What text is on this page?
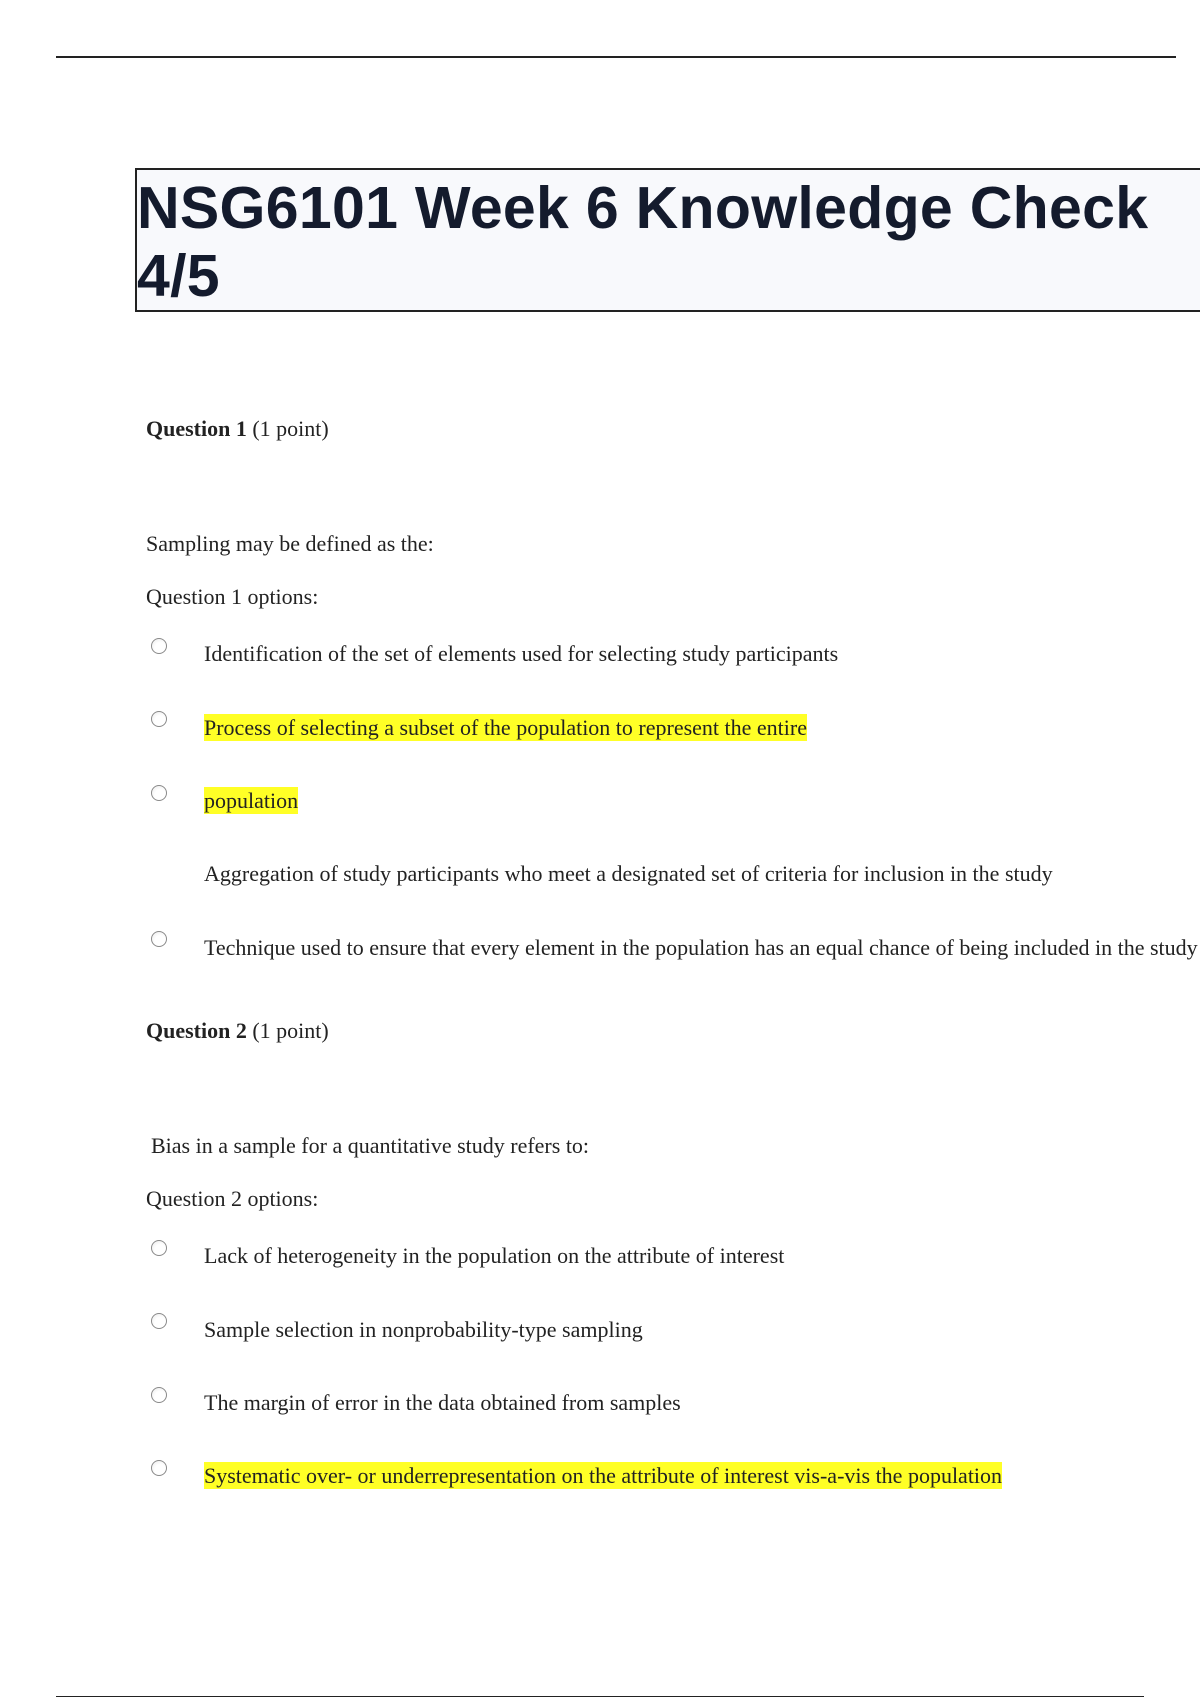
NSG6101 Week 6 Knowledge Check
4/5
Question 1 (1 point)
Sampling may be defined as the:
Question 1 options:
Identification of the set of elements used for selecting study participants
Process of selecting a subset of the population to represent the entire
population
Aggregation of study participants who meet a designated set of criteria for inclusion in the study
Technique used to ensure that every element in the population has an equal chance of being included in the study
Question 2 (1 point)
Bias in a sample for a quantitative study refers to:
Question 2 options:
Lack of heterogeneity in the population on the attribute of interest
Sample selection in nonprobability-type sampling
The margin of error in the data obtained from samples
Systematic over- or underrepresentation on the attribute of interest vis-a-vis the population
